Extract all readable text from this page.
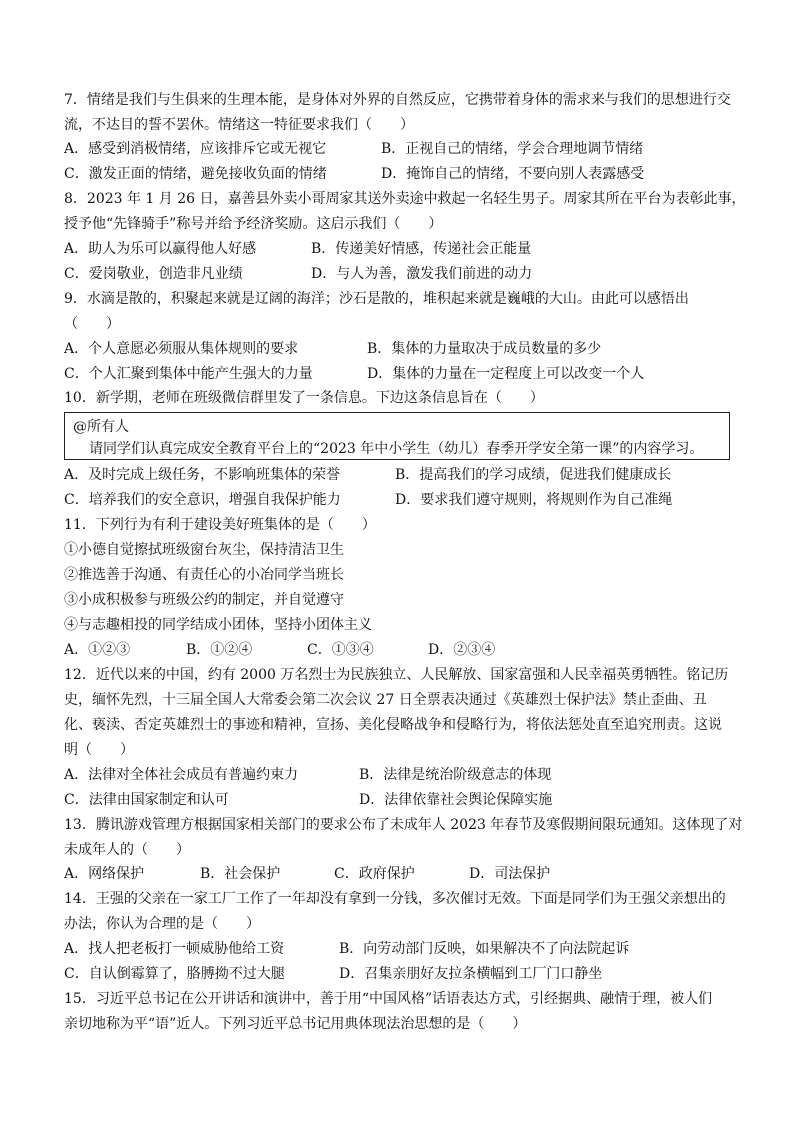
7．情绪是我们与生俱来的生理本能，是身体对外界的自然反应，它携带着身体的需求来与我们的思想进行交
流，不达目的誓不罢休。情绪这一特征要求我们（　　）
A．感受到消极情绪，应该排斥它或无视它	B．正视自己的情绪，学会合理地调节情绪
C．激发正面的情绪，避免接收负面的情绪	D．掩饰自己的情绪，不要向别人表露感受
8．2023 年 1 月 26 日，嘉善县外卖小哥周家其送外卖途中救起一名轻生男子。周家其所在平台为表彰此事，
授予他“先锋骑手”称号并给予经济奖励。这启示我们（　　）
A．助人为乐可以赢得他人好感	B．传递美好情感，传递社会正能量
C．爱岗敬业，创造非凡业绩	D．与人为善，激发我们前进的动力
9．水滴是散的，积聚起来就是辽阔的海洋；沙石是散的，堆积起来就是巍峨的大山。由此可以感悟出
（　　）
A．个人意愿必须服从集体规则的要求	B．集体的力量取决于成员数量的多少
C．个人汇聚到集体中能产生强大的力量	D．集体的力量在一定程度上可以改变一个人
10．新学期，老师在班级微信群里发了一条信息。下边这条信息旨在（　　）
@所有人
请同学们认真完成安全教育平台上的“2023 年中小学生（幼儿）春季开学安全第一课”的内容学习。
A．及时完成上级任务，不影响班集体的荣誉	B．提高我们的学习成绩，促进我们健康成长
C．培养我们的安全意识，增强自我保护能力	D．要求我们遵守规则，将规则作为自己准绳
11．下列行为有利于建设美好班集体的是（　　）
①小德自觉擦拭班级窗台灰尘，保持清洁卫生
②推选善于沟通、有责任心的小冶同学当班长
③小成积极参与班级公约的制定，并自觉遵守
④与志趣相投的同学结成小团体，坚持小团体主义
A．①②③	B．①②④	C．①③④	D．②③④
12．近代以来的中国，约有 2000 万名烈士为民族独立、人民解放、国家富强和人民幸福英勇牺牲。铭记历
史，缅怀先烈，十三届全国人大常委会第二次会议 27 日全票表决通过《英雄烈士保护法》禁止歪曲、丑
化、亵渎、否定英雄烈士的事迹和精神，宣扬、美化侵略战争和侵略行为，将依法惩处直至追究刑责。这说
明（　　）
A．法律对全体社会成员有普遍约束力	B．法律是统治阶级意志的体现
C．法律由国家制定和认可	D．法律依靠社会舆论保障实施
13．腾讯游戏管理方根据国家相关部门的要求公布了未成年人 2023 年春节及寒假期间限玩通知。这体现了对
未成年人的（　　）
A．网络保护	B．社会保护	C．政府保护	D．司法保护
14．王强的父亲在一家工厂工作了一年却没有拿到一分钱，多次催讨无效。下面是同学们为王强父亲想出的
办法，你认为合理的是（　　）
A．找人把老板打一顿威胁他给工资	B．向劳动部门反映，如果解决不了向法院起诉
C．自认倒霉算了，胳膊拗不过大腿	D．召集亲朋好友拉条横幅到工厂门口静坐
15．习近平总书记在公开讲话和演讲中，善于用“中国风格”话语表达方式，引经据典、融情于理，被人们
亲切地称为平“语”近人。下列习近平总书记用典体现法治思想的是（　　）
